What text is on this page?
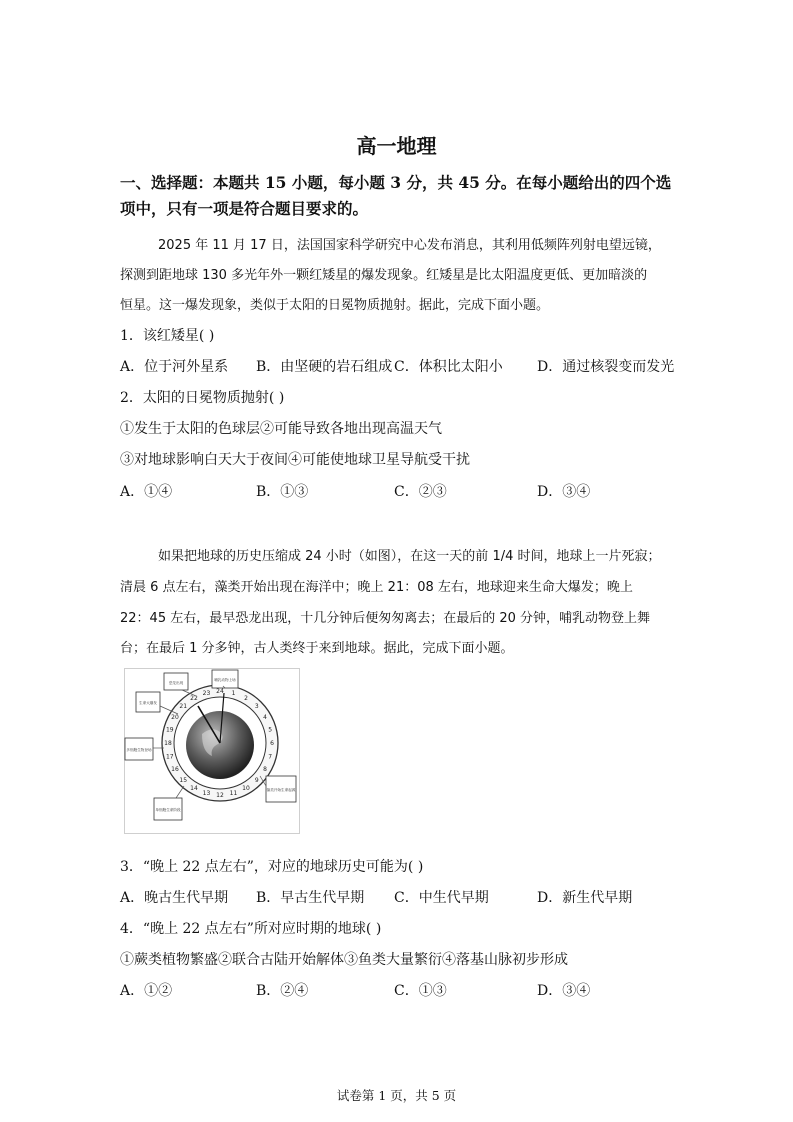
高一地理
一、选择题：本题共 15 小题，每小题 3 分，共 45 分。在每小题给出的四个选
项中，只有一项是符合题目要求的。
2025 年 11 月 17 日，法国国家科学研究中心发布消息，其利用低频阵列射电望远镜，
探测到距地球 130 多光年外一颗红矮星的爆发现象。红矮星是比太阳温度更低、更加暗淡的
恒星。这一爆发现象，类似于太阳的日冕物质抛射。据此，完成下面小题。
1．该红矮星( )
A．位于河外星系 B．由坚硬的岩石组成 C．体积比太阳小 D．通过核裂变而发光
2．太阳的日冕物质抛射( )
①发生于太阳的色球层②可能导致各地出现高温天气
③对地球影响白天大于夜间④可能使地球卫星导航受干扰
A．①④	B．①③	C．②③	D．③④
如果把地球的历史压缩成 24 小时（如图），在这一天的前 1/4 时间，地球上一片死寂；
清晨 6 点左右，藻类开始出现在海洋中；晚上 21：08 左右，地球迎来生命大爆发；晚上
22：45 左右，最早恐龙出现，十几分钟后便匆匆离去；在最后的 20 分钟，哺乳动物登上舞
台；在最后 1 分多钟，古人类终于来到地球。据此，完成下面小题。
24 1
2
3
4
5
6
7
8
9
10
11
12
13
14
15
16
17
18
19
20
21
22
23
恐龙出现
哺乳动物上场
生命大爆发
多细胞生物登场
藻类开始生命起源
单细胞生命阶段
3．“晚上 22 点左右”，对应的地球历史可能为( )
A．晚古生代早期 B．早古生代早期 C．中生代早期	D．新生代早期
4．“晚上 22 点左右”所对应时期的地球( )
①蕨类植物繁盛②联合古陆开始解体③鱼类大量繁衍④落基山脉初步形成
A．①②	B．②④	C．①③	D．③④
试卷第 1 页，共 5 页
